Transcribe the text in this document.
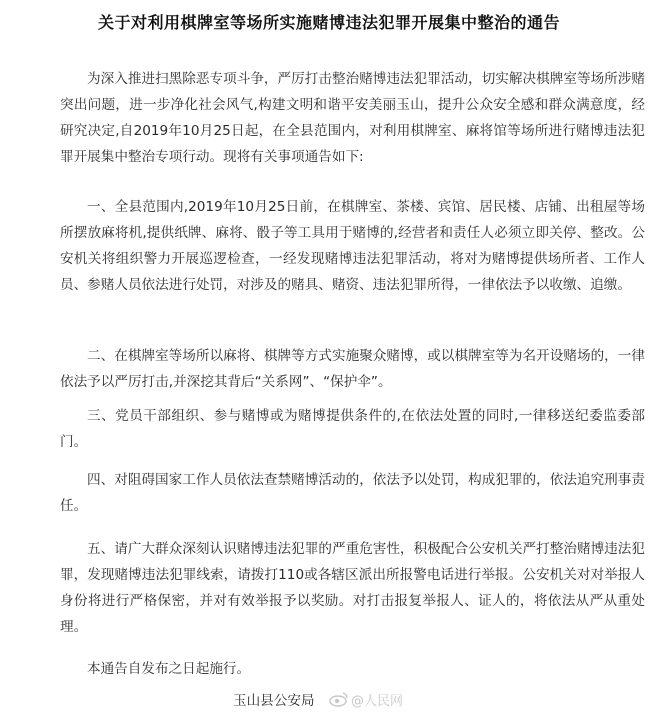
关于对利用棋牌室等场所实施赌博违法犯罪开展集中整治的通告

为深入推进扫黑除恶专项斗争，严厉打击整治赌博违法犯罪活动，切实解决棋牌室等场所涉赌突出问题，进一步净化社会风气,构建文明和谐平安美丽玉山，提升公众安全感和群众满意度，经研究决定,自2019年10月25日起，在全县范围内，对利用棋牌室、麻将馆等场所进行赌博违法犯罪开展集中整治专项行动。现将有关事项通告如下:

一、全县范围内,2019年10月25日前，在棋牌室、茶楼、宾馆、居民楼、店铺、出租屋等场所摆放麻将机,提供纸牌、麻将、骰子等工具用于赌博的,经营者和责任人必须立即关停、整改。公安机关将组织警力开展巡逻检查，一经发现赌博违法犯罪活动，将对为赌博提供场所者、工作人员、参赌人员依法进行处罚，对涉及的赌具、赌资、违法犯罪所得，一律依法予以收缴、追缴。

二、在棋牌室等场所以麻将、棋牌等方式实施聚众赌博，或以棋牌室等为名开设赌场的，一律依法予以严厉打击,并深挖其背后“关系网”、“保护伞”。

三、党员干部组织、参与赌博或为赌博提供条件的,在依法处置的同时,一律移送纪委监委部门。

四、对阻碍国家工作人员依法查禁赌博活动的，依法予以处罚，构成犯罪的，依法追究刑事责任。

五、请广大群众深刻认识赌博违法犯罪的严重危害性，积极配合公安机关严打整治赌博违法犯罪，发现赌博违法犯罪线索，请拨打110或各辖区派出所报警电话进行举报。公安机关对对举报人身份将进行严格保密，并对有效举报予以奖励。对打击报复举报人、证人的，将依法从严从重处理。

本通告自发布之日起施行。

玉山县公安局	@人民网
